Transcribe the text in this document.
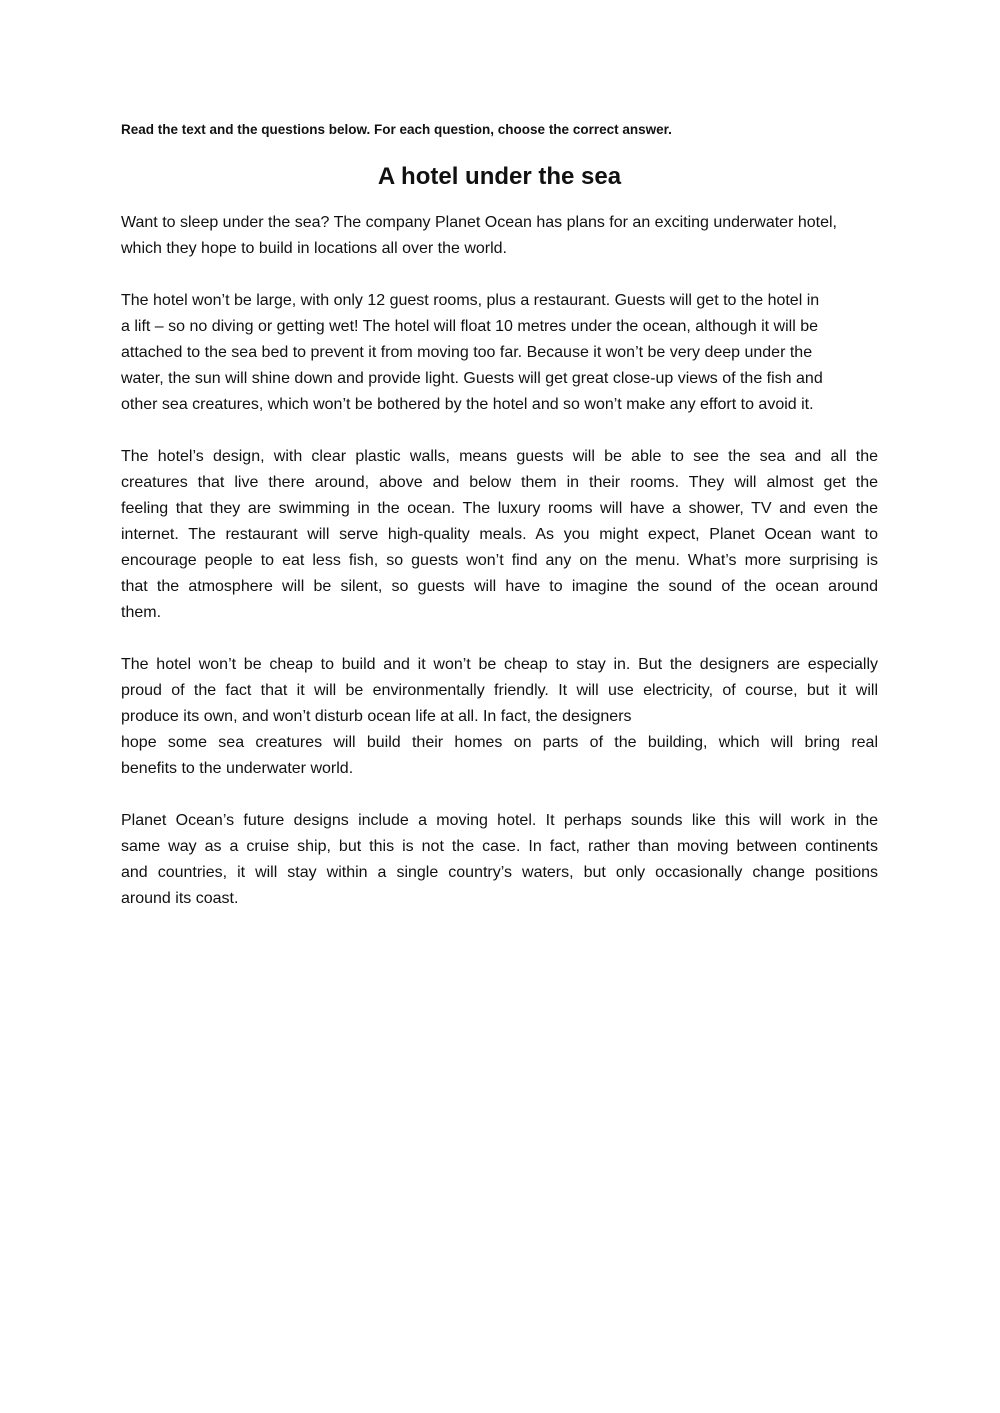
Read the text and the questions below. For each question, choose the correct answer.

A hotel under the sea

Want to sleep under the sea? The company Planet Ocean has plans for an exciting underwater hotel,
which they hope to build in locations all over the world.

The hotel won’t be large, with only 12 guest rooms, plus a restaurant. Guests will get to the hotel in
a lift – so no diving or getting wet! The hotel will float 10 metres under the ocean, although it will be
attached to the sea bed to prevent it from moving too far. Because it won’t be very deep under the
water, the sun will shine down and provide light. Guests will get great close-up views of the fish and
other sea creatures, which won’t be bothered by the hotel and so won’t make any effort to avoid it.

The hotel’s design, with clear plastic walls, means guests will be able to see the sea and all the
creatures that live there around, above and below them in their rooms. They will almost get the
feeling that they are swimming in the ocean. The luxury rooms will have a shower, TV and even the
internet. The restaurant will serve high-quality meals. As you might expect, Planet Ocean want to
encourage people to eat less fish, so guests won’t find any on the menu. What’s more surprising is
that the atmosphere will be silent, so guests will have to imagine the sound of the ocean around
them.

The hotel won’t be cheap to build and it won’t be cheap to stay in. But the designers are especially
proud of the fact that it will be environmentally friendly. It will use electricity, of course, but it will
produce its own, and won’t disturb ocean life at all. In fact, the designers
hope some sea creatures will build their homes on parts of the building, which will bring real
benefits to the underwater world.

Planet Ocean’s future designs include a moving hotel. It perhaps sounds like this will work in the
same way as a cruise ship, but this is not the case. In fact, rather than moving between continents
and countries, it will stay within a single country’s waters, but only occasionally change positions
around its coast.
